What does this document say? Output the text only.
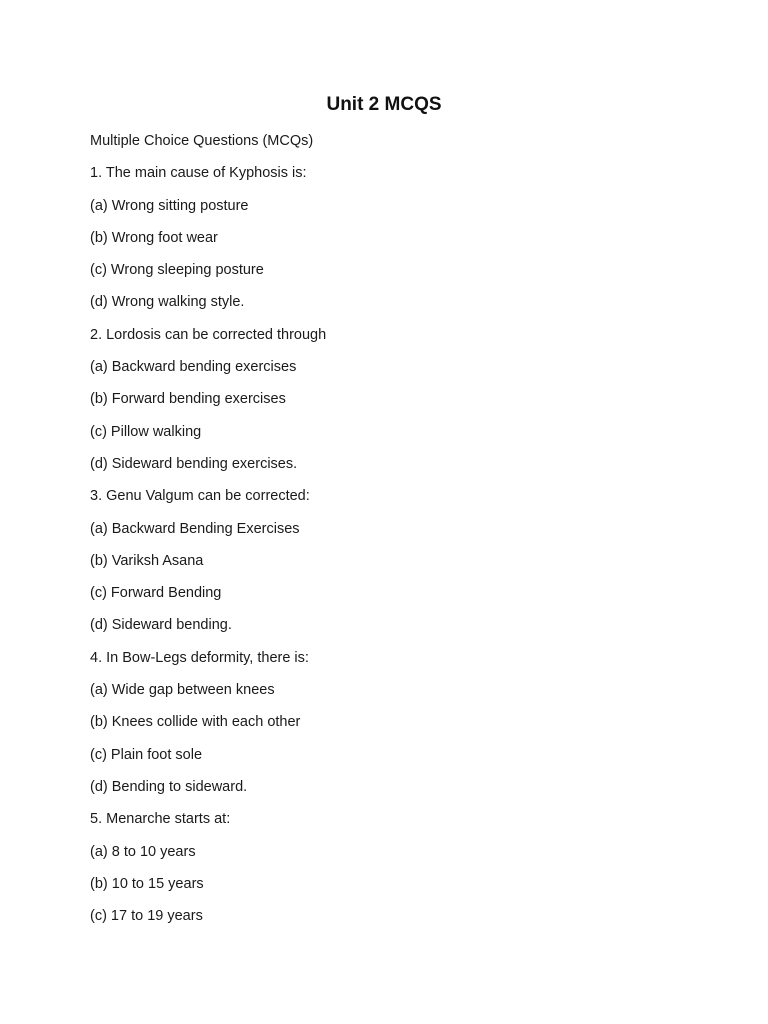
Unit 2 MCQS
Multiple Choice Questions (MCQs)
1. The main cause of Kyphosis is:
(a) Wrong sitting posture
(b) Wrong foot wear
(c) Wrong sleeping posture
(d) Wrong walking style.
2. Lordosis can be corrected through
(a) Backward bending exercises
(b) Forward bending exercises
(c) Pillow walking
(d) Sideward bending exercises.
3. Genu Valgum can be corrected:
(a) Backward Bending Exercises
(b) Variksh Asana
(c) Forward Bending
(d) Sideward bending.
4. In Bow-Legs deformity, there is:
(a) Wide gap between knees
(b) Knees collide with each other
(c) Plain foot sole
(d) Bending to sideward.
5. Menarche starts at:
(a) 8 to 10 years
(b) 10 to 15 years
(c) 17 to 19 years
